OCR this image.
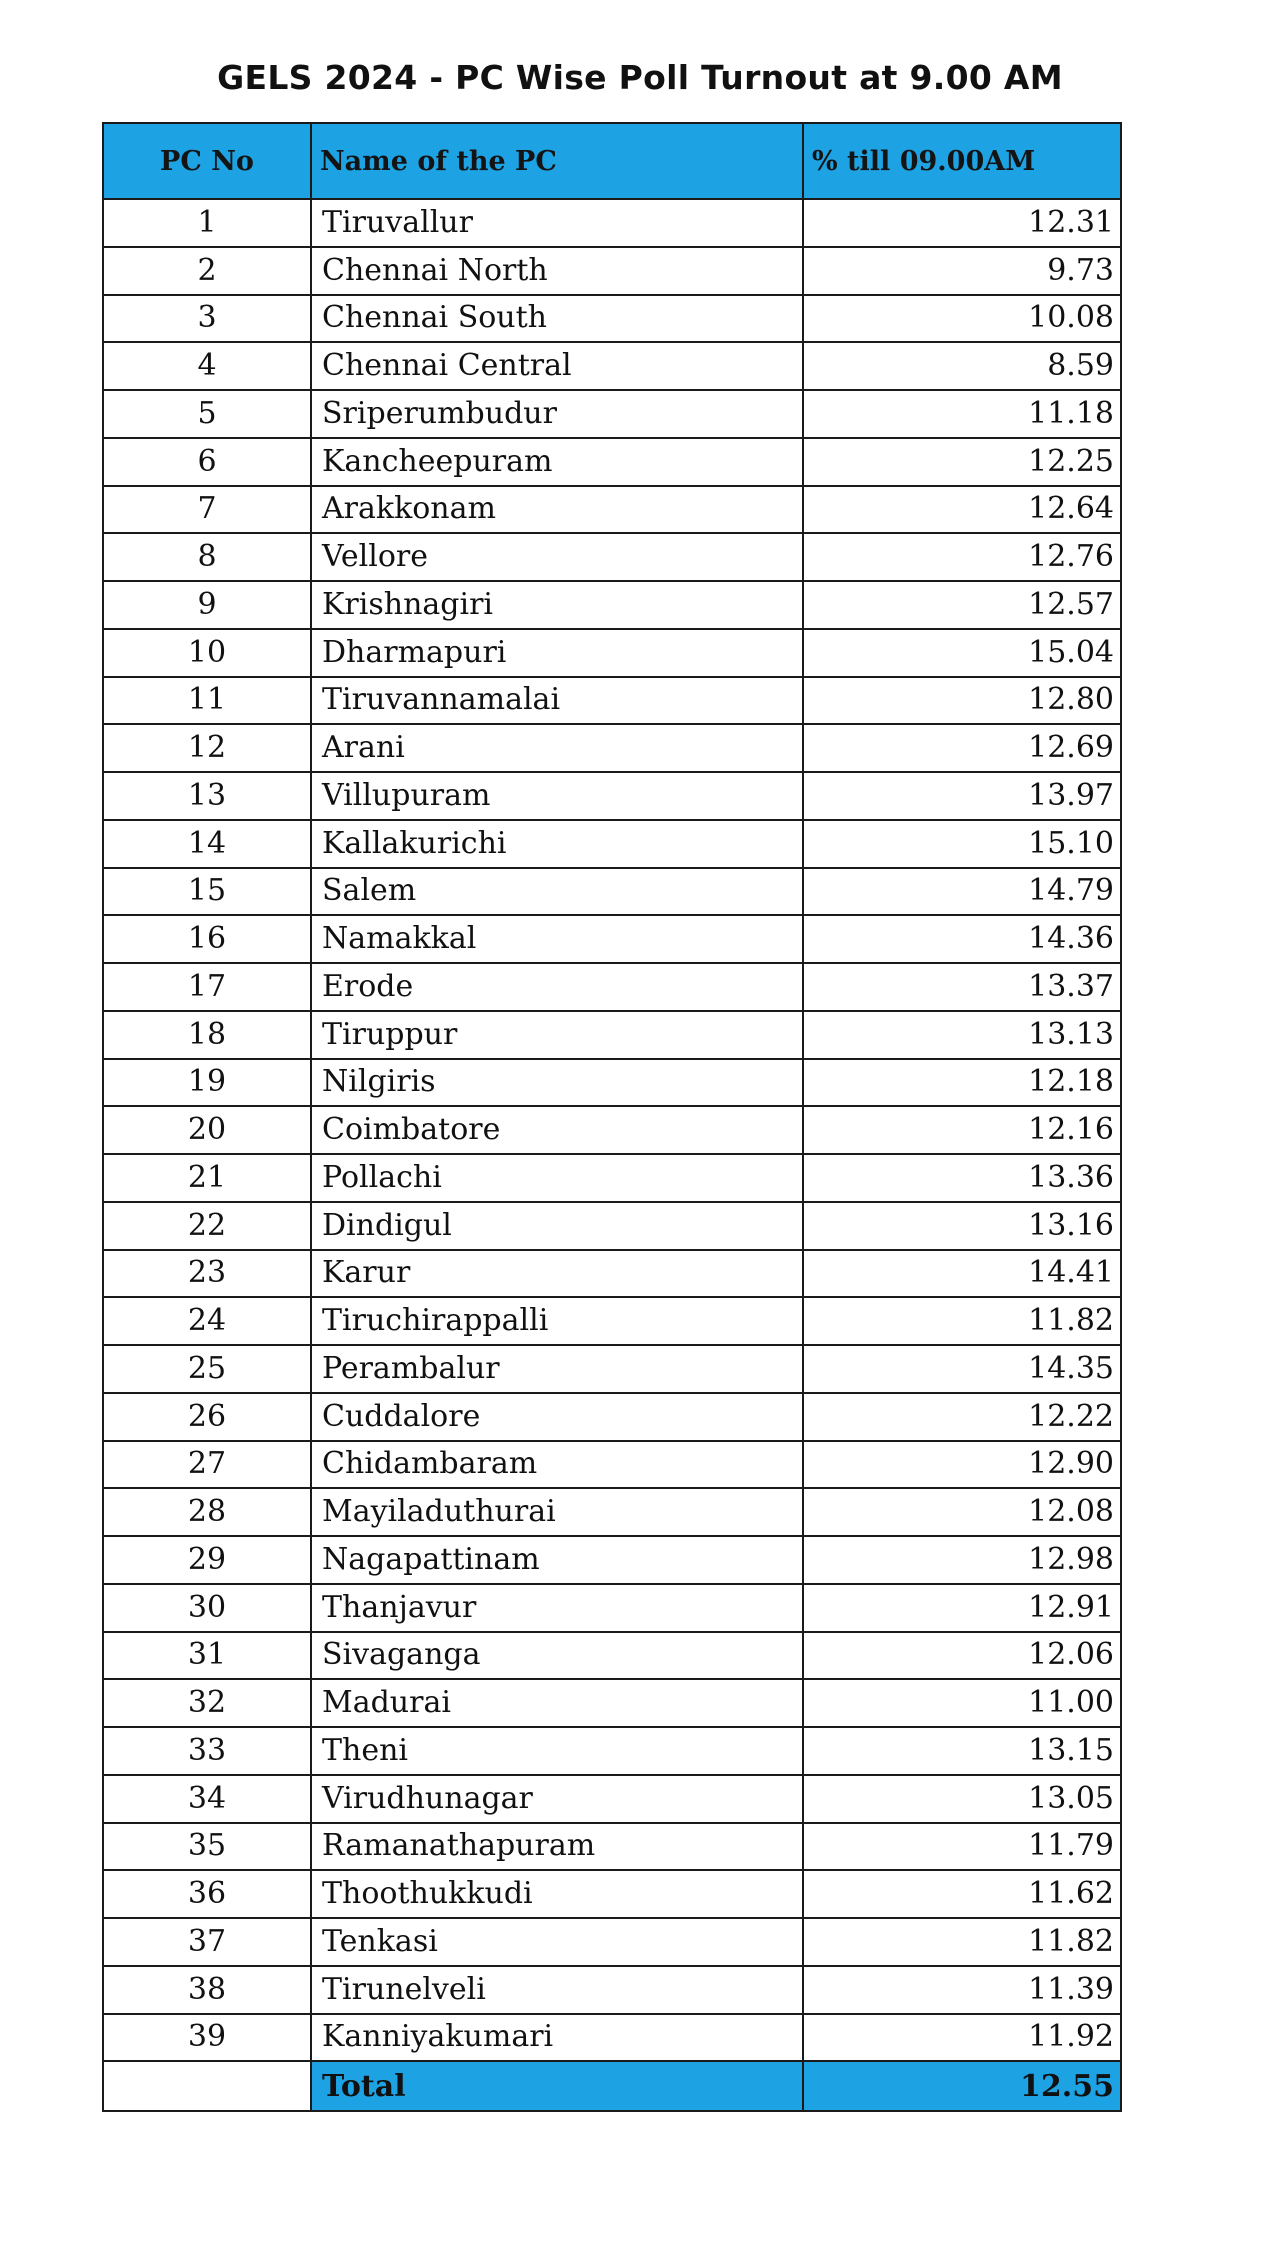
GELS 2024 - PC Wise Poll Turnout at 9.00 AM
PC No	Name of the PC	% till 09.00AM
1	Tiruvallur	12.31
2	Chennai North	9.73
3	Chennai South	10.08
4	Chennai Central	8.59
5	Sriperumbudur	11.18
6	Kancheepuram	12.25
7	Arakkonam	12.64
8	Vellore	12.76
9	Krishnagiri	12.57
10	Dharmapuri	15.04
11	Tiruvannamalai	12.80
12	Arani	12.69
13	Villupuram	13.97
14	Kallakurichi	15.10
15	Salem	14.79
16	Namakkal	14.36
17	Erode	13.37
18	Tiruppur	13.13
19	Nilgiris	12.18
20	Coimbatore	12.16
21	Pollachi	13.36
22	Dindigul	13.16
23	Karur	14.41
24	Tiruchirappalli	11.82
25	Perambalur	14.35
26	Cuddalore	12.22
27	Chidambaram	12.90
28	Mayiladuthurai	12.08
29	Nagapattinam	12.98
30	Thanjavur	12.91
31	Sivaganga	12.06
32	Madurai	11.00
33	Theni	13.15
34	Virudhunagar	13.05
35	Ramanathapuram	11.79
36	Thoothukkudi	11.62
37	Tenkasi	11.82
38	Tirunelveli	11.39
39	Kanniyakumari	11.92
	Total	12.55
